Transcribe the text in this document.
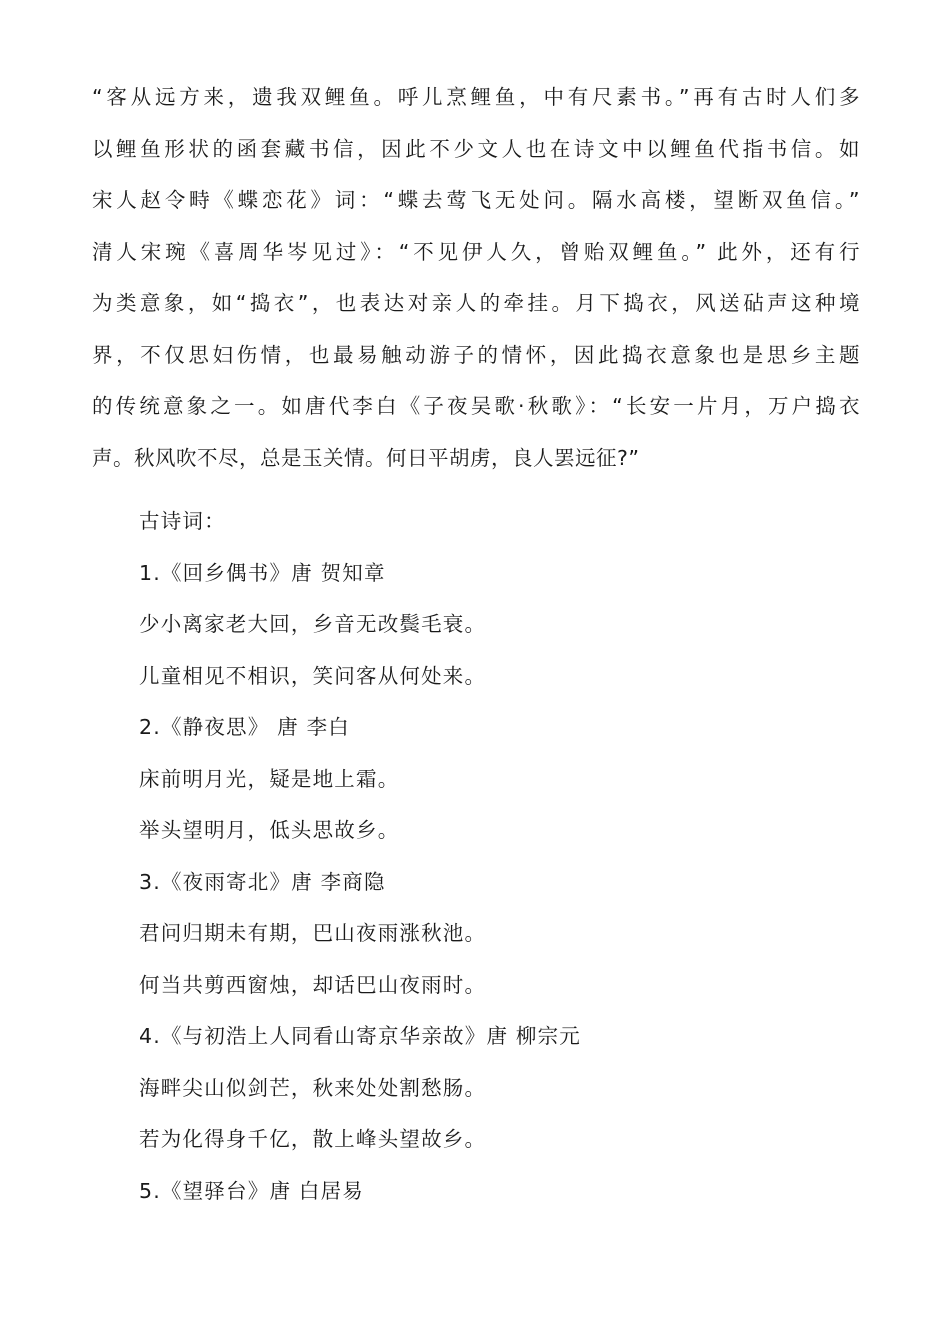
“客从远方来，遗我双鲤鱼。呼儿烹鲤鱼，中有尺素书。”再有古时人们多
以鲤鱼形状的函套藏书信，因此不少文人也在诗文中以鲤鱼代指书信。如
宋人赵令畤《蝶恋花》词：“蝶去莺飞无处问。隔水高楼，望断双鱼信。”
清人宋琬《喜周华岑见过》：“不见伊人久，曾贻双鲤鱼。” 此外，还有行
为类意象，如“捣衣”，也表达对亲人的牵挂。月下捣衣，风送砧声这种境
界，不仅思妇伤情，也最易触动游子的情怀，因此捣衣意象也是思乡主题
的传统意象之一。如唐代李白《子夜吴歌·秋歌》：“长安一片月，万户捣衣
声。秋风吹不尽，总是玉关情。何日平胡虏，良人罢远征?”
古诗词：
1.《回乡偶书》唐 贺知章
少小离家老大回，乡音无改鬓毛衰。
儿童相见不相识，笑问客从何处来。
2.《静夜思》 唐 李白
床前明月光，疑是地上霜。
举头望明月，低头思故乡。
3.《夜雨寄北》唐 李商隐
君问归期未有期，巴山夜雨涨秋池。
何当共剪西窗烛，却话巴山夜雨时。
4.《与初浩上人同看山寄京华亲故》唐 柳宗元
海畔尖山似剑芒，秋来处处割愁肠。
若为化得身千亿，散上峰头望故乡。
5.《望驿台》唐 白居易
